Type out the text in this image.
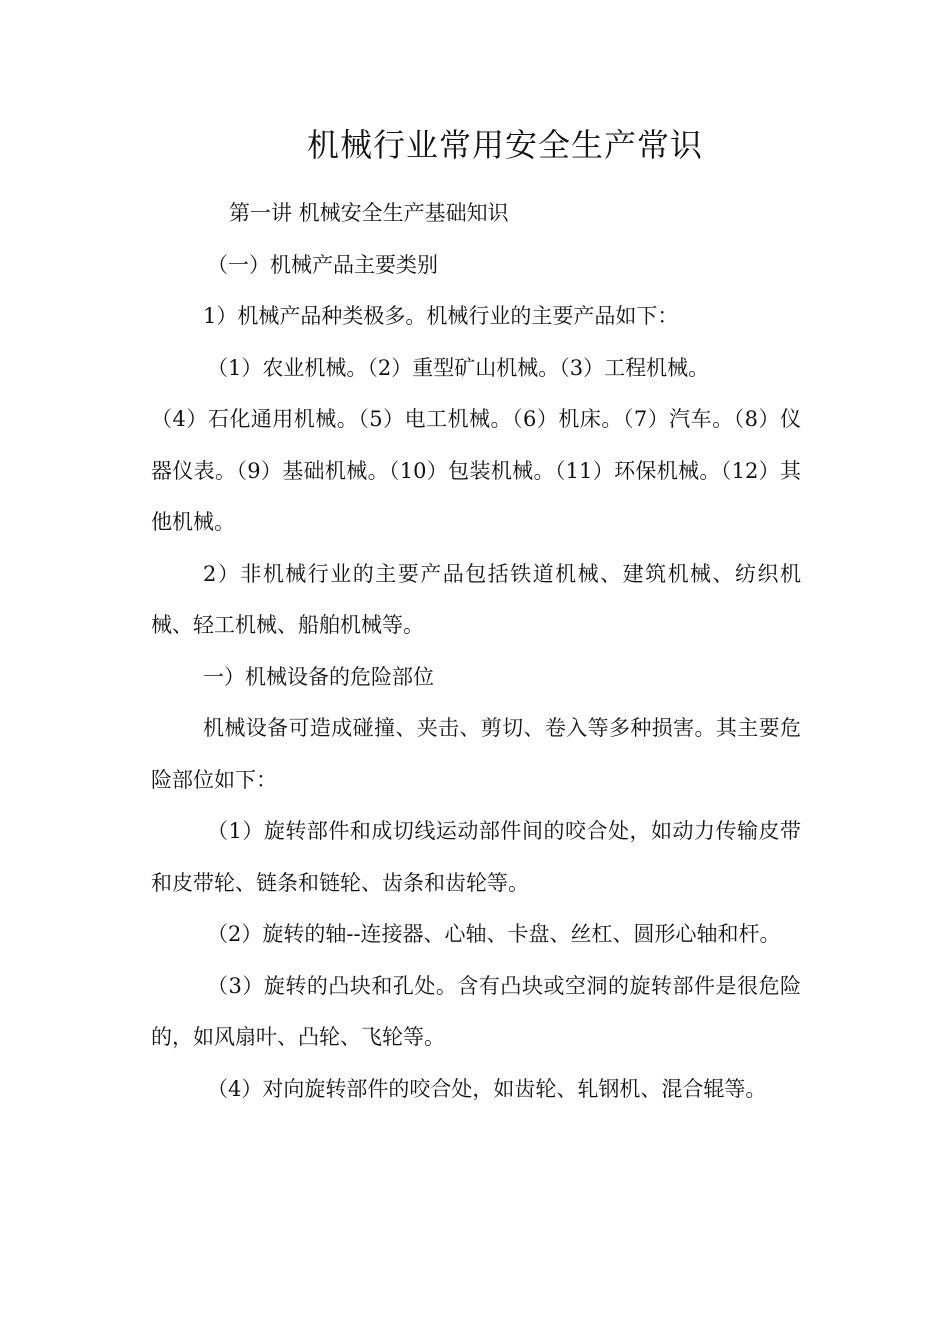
机械行业常用安全生产常识

第一讲 机械安全生产基础知识

（一）机械产品主要类别

1）机械产品种类极多。机械行业的主要产品如下：

（1）农业机械。（2）重型矿山机械。（3）工程机械。

（4）石化通用机械。（5）电工机械。（6）机床。（7）汽车。（8）仪器仪表。（9）基础机械。（10）包装机械。（11）环保机械。（12）其他机械。

2）非机械行业的主要产品包括铁道机械、建筑机械、纺织机械、轻工机械、船舶机械等。

一）机械设备的危险部位

机械设备可造成碰撞、夹击、剪切、卷入等多种损害。其主要危险部位如下：

（1）旋转部件和成切线运动部件间的咬合处，如动力传输皮带和皮带轮、链条和链轮、齿条和齿轮等。

（2）旋转的轴--连接器、心轴、卡盘、丝杠、圆形心轴和杆。

（3）旋转的凸块和孔处。含有凸块或空洞的旋转部件是很危险的，如风扇叶、凸轮、飞轮等。

（4）对向旋转部件的咬合处，如齿轮、轧钢机、混合辊等。
